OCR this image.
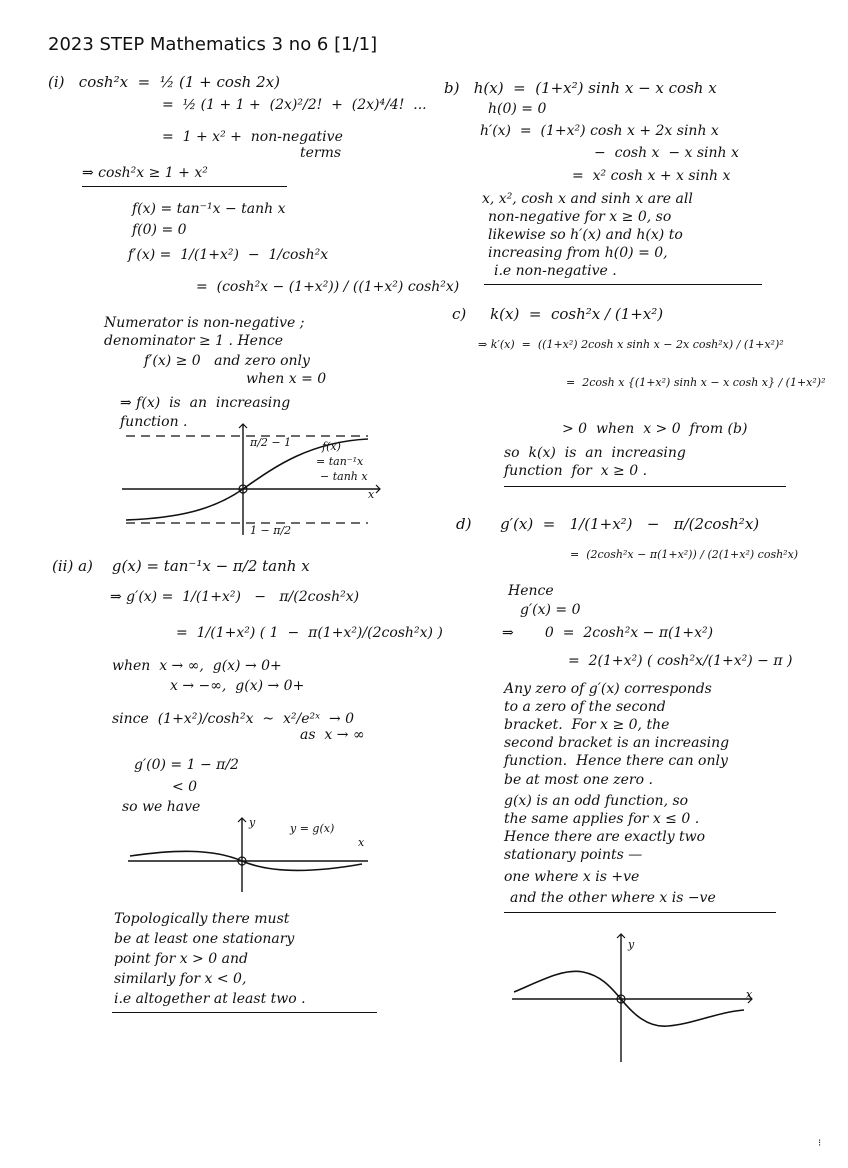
2023 STEP Mathematics 3 no 6 [1/1]
(i)   cosh²x  =  ½ (1 + cosh 2x)
=  ½ (1 + 1 +  (2x)²/2!  +  (2x)⁴/4!  ...
=  1 + x² +  non-negative
terms
⇒ cosh²x ≥ 1 + x²
f(x) = tan⁻¹x − tanh x
f(0) = 0
f′(x) =  1/(1+x²)  −  1/cosh²x
=  (cosh²x − (1+x²)) / ((1+x²) cosh²x)
Numerator is non-negative ;
denominator ≥ 1 . Hence
f′(x) ≥ 0   and zero only
when x = 0
⇒ f(x)  is  an  increasing
function .
π/2 − 1
1 − π/2
f(x)
= tan⁻¹x
− tanh x
x
(ii) a)    g(x) = tan⁻¹x − π/2 tanh x
⇒ g′(x) =  1/(1+x²)   −   π/(2cosh²x)
=  1/(1+x²) ( 1  −  π(1+x²)/(2cosh²x) )
when  x → ∞,  g(x) → 0+
x → −∞,  g(x) → 0+
since  (1+x²)/cosh²x  ~  x²/e²ˣ  → 0
as  x → ∞
g′(0) = 1 − π/2
< 0
so we have
y	y = g(x)
x
Topologically there must
be at least one stationary
point for x > 0 and
similarly for x < 0,
i.e altogether at least two .
b)   h(x)  =  (1+x²) sinh x − x cosh x
h(0) = 0
h′(x)  =  (1+x²) cosh x + 2x sinh x
−  cosh x  − x sinh x
=  x² cosh x + x sinh x
x, x², cosh x and sinh x are all
non-negative for x ≥ 0, so
likewise so h′(x) and h(x) to
increasing from h(0) = 0,
i.e non-negative .
c)     k(x)  =  cosh²x / (1+x²)
⇒ k′(x)  =  ((1+x²) 2cosh x sinh x − 2x cosh²x) / (1+x²)²
=  2cosh x {(1+x²) sinh x − x cosh x} / (1+x²)²
> 0  when  x > 0  from (b)
so  k(x)  is  an  increasing
function  for  x ≥ 0 .
d)      g′(x)  =   1/(1+x²)   −   π/(2cosh²x)
=  (2cosh²x − π(1+x²)) / (2(1+x²) cosh²x)
Hence
g′(x) = 0
⇒       0  =  2cosh²x − π(1+x²)
=  2(1+x²) ( cosh²x/(1+x²) − π )
Any zero of g′(x) corresponds
to a zero of the second
bracket.  For x ≥ 0, the
second bracket is an increasing
function.  Hence there can only
be at most one zero .
g(x) is an odd function, so
the same applies for x ≤ 0 .
Hence there are exactly two
stationary points —
one where x is +ve
and the other where x is −ve
y
x
⁝
